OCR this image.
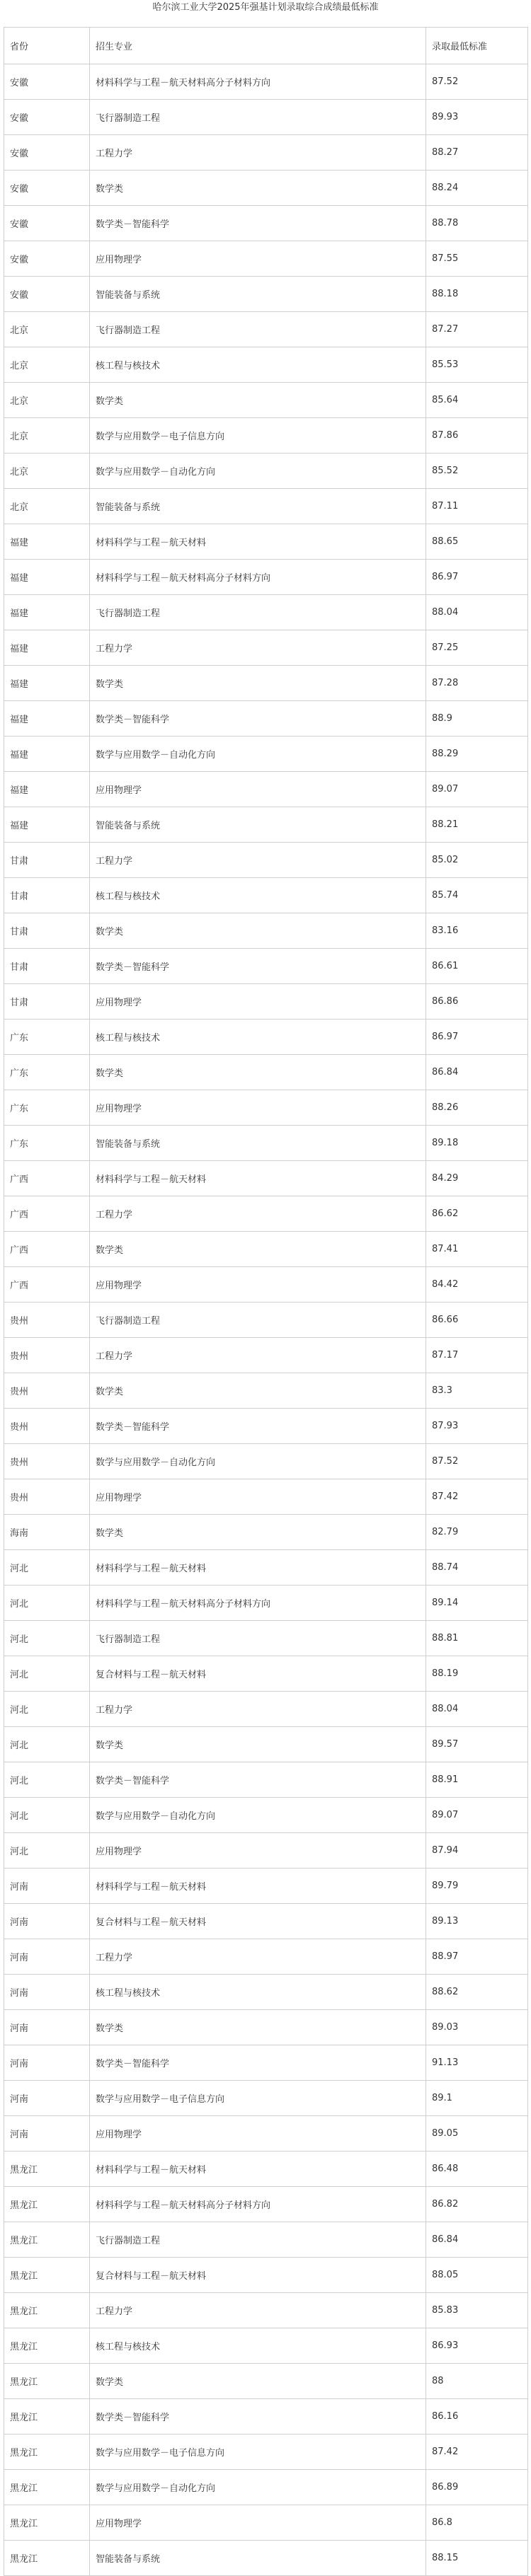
哈尔滨工业大学2025年强基计划录取综合成绩最低标准
省份	招生专业	录取最低标准
安徽	材料科学与工程－航天材料高分子材料方向	87.52
安徽	飞行器制造工程	89.93
安徽	工程力学	88.27
安徽	数学类	88.24
安徽	数学类－智能科学	88.78
安徽	应用物理学	87.55
安徽	智能装备与系统	88.18
北京	飞行器制造工程	87.27
北京	核工程与核技术	85.53
北京	数学类	85.64
北京	数学与应用数学－电子信息方向	87.86
北京	数学与应用数学－自动化方向	85.52
北京	智能装备与系统	87.11
福建	材料科学与工程－航天材料	88.65
福建	材料科学与工程－航天材料高分子材料方向	86.97
福建	飞行器制造工程	88.04
福建	工程力学	87.25
福建	数学类	87.28
福建	数学类－智能科学	88.9
福建	数学与应用数学－自动化方向	88.29
福建	应用物理学	89.07
福建	智能装备与系统	88.21
甘肃	工程力学	85.02
甘肃	核工程与核技术	85.74
甘肃	数学类	83.16
甘肃	数学类－智能科学	86.61
甘肃	应用物理学	86.86
广东	核工程与核技术	86.97
广东	数学类	86.84
广东	应用物理学	88.26
广东	智能装备与系统	89.18
广西	材料科学与工程－航天材料	84.29
广西	工程力学	86.62
广西	数学类	87.41
广西	应用物理学	84.42
贵州	飞行器制造工程	86.66
贵州	工程力学	87.17
贵州	数学类	83.3
贵州	数学类－智能科学	87.93
贵州	数学与应用数学－自动化方向	87.52
贵州	应用物理学	87.42
海南	数学类	82.79
河北	材料科学与工程－航天材料	88.74
河北	材料科学与工程－航天材料高分子材料方向	89.14
河北	飞行器制造工程	88.81
河北	复合材料与工程－航天材料	88.19
河北	工程力学	88.04
河北	数学类	89.57
河北	数学类－智能科学	88.91
河北	数学与应用数学－自动化方向	89.07
河北	应用物理学	87.94
河南	材料科学与工程－航天材料	89.79
河南	复合材料与工程－航天材料	89.13
河南	工程力学	88.97
河南	核工程与核技术	88.62
河南	数学类	89.03
河南	数学类－智能科学	91.13
河南	数学与应用数学－电子信息方向	89.1
河南	应用物理学	89.05
黑龙江	材料科学与工程－航天材料	86.48
黑龙江	材料科学与工程－航天材料高分子材料方向	86.82
黑龙江	飞行器制造工程	86.84
黑龙江	复合材料与工程－航天材料	88.05
黑龙江	工程力学	85.83
黑龙江	核工程与核技术	86.93
黑龙江	数学类	88
黑龙江	数学类－智能科学	86.16
黑龙江	数学与应用数学－电子信息方向	87.42
黑龙江	数学与应用数学－自动化方向	86.89
黑龙江	应用物理学	86.8
黑龙江	智能装备与系统	88.15
